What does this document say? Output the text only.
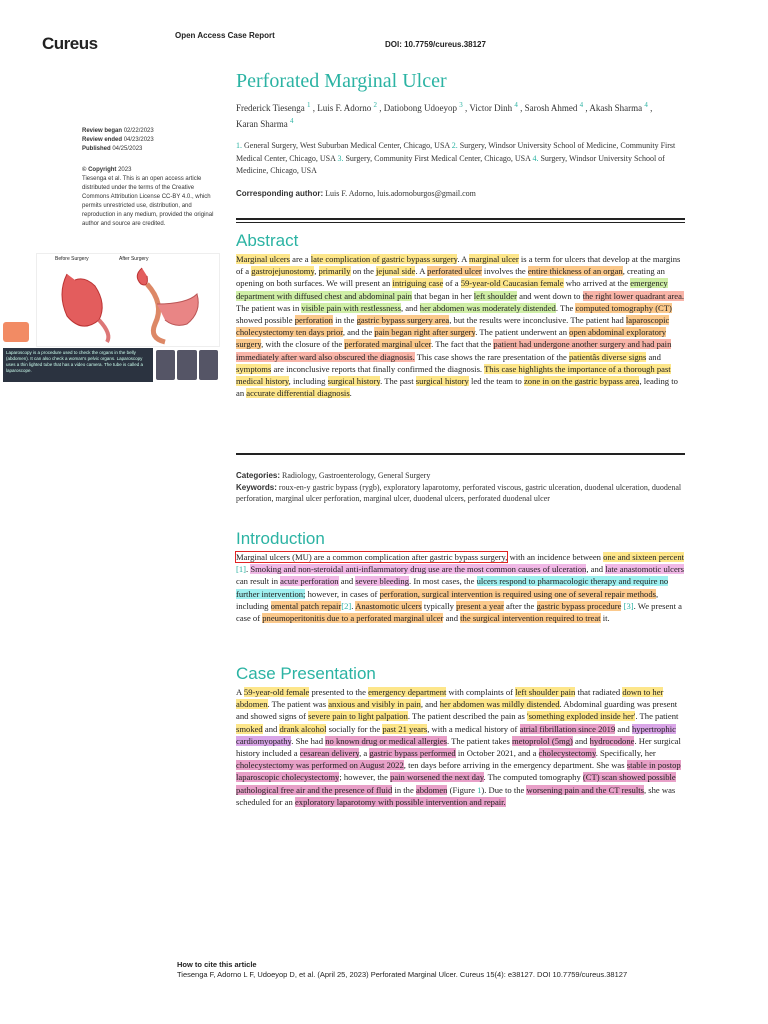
Cureus	Open Access Case Report
DOI: 10.7759/cureus.38127
Perforated Marginal Ulcer
Frederick Tiesenga $^1$ , Luis F. Adorno $^2$ , Datiobong Udoeyop $^3$ , Victor Dinh $^4$ , Sarosh Ahmed $^4$ , Akash Sharma $^4$ , Karan Sharma $^4$
1. General Surgery, West Suburban Medical Center, Chicago, USA 2. Surgery, Windsor University School of Medicine, Community First Medical Center, Chicago, USA 3. Surgery, Community First Medical Center, Chicago, USA 4. Surgery, Windsor University School of Medicine, Chicago, USA
Corresponding author: Luis F. Adorno, luis.adornoburgos@gmail.com
Review began 02/22/2023
Review ended 04/23/2023
Published 04/25/2023
© Copyright 2023
Tiesenga et al. This is an open access article distributed under the terms of the Creative Commons Attribution License CC-BY 4.0., which permits unrestricted use, distribution, and reproduction in any medium, provided the original author and source are credited.
Before Surgery	After Surgery
Laparoscopy is a procedure used to check the organs in the belly (abdomen). It can also check a woman's pelvic organs. Laparoscopy uses a thin lighted tube that has a video camera. The tube is called a laparoscope.
Abstract
Marginal ulcers are a late complication of gastric bypass surgery. A marginal ulcer is a term for ulcers that develop at the margins of a gastrojejunostomy, primarily on the jejunal side. A perforated ulcer involves the entire thickness of an organ, creating an opening on both surfaces. We will present an intriguing case of a 59-year-old Caucasian female who arrived at the emergency department with diffused chest and abdominal pain that began in her left shoulder and went down to the right lower quadrant area. The patient was in visible pain with restlessness, and her abdomen was moderately distended. The computed tomography (CT) showed possible perforation in the gastric bypass surgery area, but the results were inconclusive. The patient had laparoscopic cholecystectomy ten days prior, and the pain began right after surgery. The patient underwent an open abdominal exploratory surgery, with the closure of the perforated marginal ulcer. The fact that the patient had undergone another surgery and had pain immediately after ward also obscured the diagnosis. This case shows the rare presentation of the patientâs diverse signs and symptoms are inconclusive reports that finally confirmed the diagnosis. This case highlights the importance of a thorough past medical history, including surgical history. The past surgical history led the team to zone in on the gastric bypass area, leading to an accurate differential diagnosis.
Categories: Radiology, Gastroenterology, General Surgery
Keywords: roux-en-y gastric bypass (rygb), exploratory laparotomy, perforated viscous, gastric ulceration, duodenal ulceration, duodenal perforation, marginal ulcer perforation, marginal ulcer, duodenal ulcers, perforated duodenal ulcer
Introduction
Marginal ulcers (MU) are a common complication after gastric bypass surgery, with an incidence between one and sixteen percent [1]. Smoking and non-steroidal anti-inflammatory drug use are the most common causes of ulceration, and late anastomotic ulcers can result in acute perforation and severe bleeding. In most cases, the ulcers respond to pharmacologic therapy and require no further intervention; however, in cases of perforation, surgical intervention is required using one of several repair methods, including omental patch repair[2]. Anastomotic ulcers typically present a year after the gastric bypass procedure [3]. We present a case of pneumoperitonitis due to a perforated marginal ulcer and the surgical intervention required to treat it.
Case Presentation
A 59-year-old female presented to the emergency department with complaints of left shoulder pain that radiated down to her abdomen. The patient was anxious and visibly in pain, and her abdomen was mildly distended. Abdominal guarding was present and showed signs of severe pain to light palpation. The patient described the pain as 'something exploded inside her'. The patient smoked and drank alcohol socially for the past 21 years, with a medical history of atrial fibrillation since 2019 and hypertrophic cardiomyopathy. She had no known drug or medical allergies. The patient takes metoprolol (5mg) and hydrocodone. Her surgical history included a cesarean delivery, a gastric bypass performed in October 2021, and a cholecystectomy. Specifically, her cholecystectomy was performed on August 2022, ten days before arriving in the emergency department. She was stable in postop laparoscopic cholecystectomy; however, the pain worsened the next day. The computed tomography (CT) scan showed possible pathological free air and the presence of fluid in the abdomen (Figure 1). Due to the worsening pain and the CT results, she was scheduled for an exploratory laparotomy with possible intervention and repair.
How to cite this article
Tiesenga F, Adorno L F, Udoeyop D, et al. (April 25, 2023) Perforated Marginal Ulcer. Cureus 15(4): e38127. DOI 10.7759/cureus.38127
